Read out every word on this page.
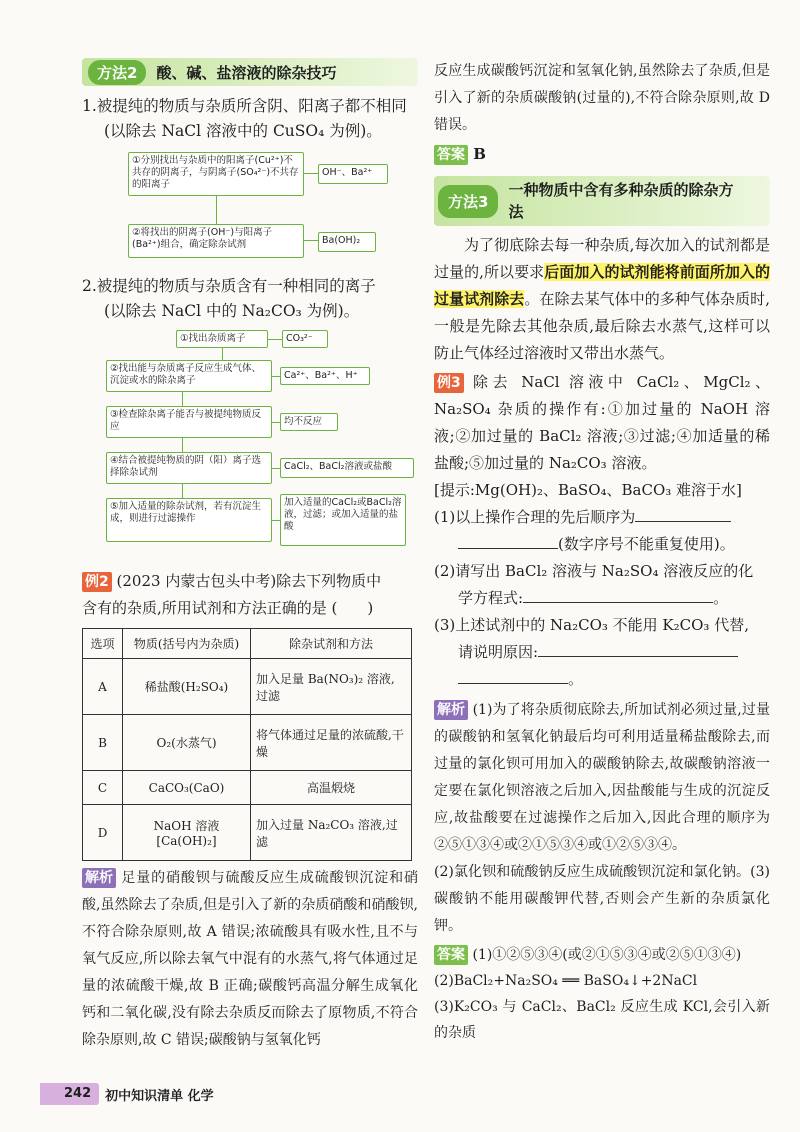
方法2	酸、碱、盐溶液的除杂技巧
1.被提纯的物质与杂质所含阴、阳离子都不相同
(以除去 NaCl 溶液中的 CuSO₄ 为例)。
①分别找出与杂质中的阳离子(Cu²⁺)不共存的阴离子，与阴离子(SO₄²⁻)不共存的阳离子
OH⁻、Ba²⁺
②将找出的阴离子(OH⁻)与阳离子(Ba²⁺)组合，确定除杂试剂	Ba(OH)₂
2.被提纯的物质与杂质含有一种相同的离子
(以除去 NaCl 中的 Na₂CO₃ 为例)。
①找出杂质离子	CO₃²⁻
②找出能与杂质离子反应生成气体、沉淀或水的除杂离子	Ca²⁺、Ba²⁺、H⁺
③检查除杂离子能否与被提纯物质反应	均不反应
④结合被提纯物质的阴（阳）离子选择除杂试剂
CaCl₂、BaCl₂溶液或盐酸
⑤加入适量的除杂试剂，若有沉淀生成，则进行过滤操作
加入适量的CaCl₂或BaCl₂溶液，过滤；或加入适量的盐酸
例2 (2023 内蒙古包头中考)除去下列物质中
含有的杂质,所用试剂和方法正确的是 (　　)
选项	物质(括号内为杂质)	除杂试剂和方法
A	稀盐酸(H₂SO₄)	加入足量 Ba(NO₃)₂ 溶液,过滤
B	O₂(水蒸气)	将气体通过足量的浓硫酸,干燥
C	CaCO₃(CaO)	高温煅烧
D	NaOH 溶液[Ca(OH)₂]	加入过量 Na₂CO₃ 溶液,过滤
解析 足量的硝酸钡与硫酸反应生成硫酸钡沉淀和硝酸,虽然除去了杂质,但是引入了新的杂质硝酸和硝酸钡,不符合除杂原则,故 A 错误;浓硫酸具有吸水性,且不与氧气反应,所以除去氧气中混有的水蒸气,将气体通过足量的浓硫酸干燥,故 B 正确;碳酸钙高温分解生成氧化钙和二氧化碳,没有除去杂质反而除去了原物质,不符合除杂原则,故 C 错误;碳酸钠与氢氧化钙
反应生成碳酸钙沉淀和氢氧化钠,虽然除去了杂质,但是引入了新的杂质碳酸钠(过量的),不符合除杂原则,故 D 错误。
答案 B
方法3
一种物质中含有多种杂质的除杂方法
为了彻底除去每一种杂质,每次加入的试剂都是过量的,所以要求后面加入的试剂能将前面所加入的过量试剂除去。在除去某气体中的多种气体杂质时,一般是先除去其他杂质,最后除去水蒸气,这样可以防止气体经过溶液时又带出水蒸气。
例3 除去 NaCl 溶液中 CaCl₂、MgCl₂、Na₂SO₄ 杂质的操作有:①加过量的 NaOH 溶液;②加过量的 BaCl₂ 溶液;③过滤;④加适量的稀盐酸;⑤加过量的 Na₂CO₃ 溶液。
[提示:Mg(OH)₂、BaSO₄、BaCO₃ 难溶于水]
(1)以上操作合理的先后顺序为
(数字序号不能重复使用)。
(2)请写出 BaCl₂ 溶液与 Na₂SO₄ 溶液反应的化
学方程式:	。
(3)上述试剂中的 Na₂CO₃ 不能用 K₂CO₃ 代替,
请说明原因:
。
解析 (1)为了将杂质彻底除去,所加试剂必须过量,过量的碳酸钠和氢氧化钠最后均可利用适量稀盐酸除去,而过量的氯化钡可用加入的碳酸钠除去,故碳酸钠溶液一定要在氯化钡溶液之后加入,因盐酸能与生成的沉淀反应,故盐酸要在过滤操作之后加入,因此合理的顺序为②⑤①③④或②①⑤③④或①②⑤③④。
(2)氯化钡和硫酸钠反应生成硫酸钡沉淀和氯化钠。(3)碳酸钠不能用碳酸钾代替,否则会产生新的杂质氯化钾。
答案 (1)①②⑤③④(或②①⑤③④或②⑤①③④)
(2)BaCl₂+Na₂SO₄ ══ BaSO₄↓+2NaCl
(3)K₂CO₃ 与 CaCl₂、BaCl₂ 反应生成 KCl,会引入新的杂质
242	初中知识清单 化学
